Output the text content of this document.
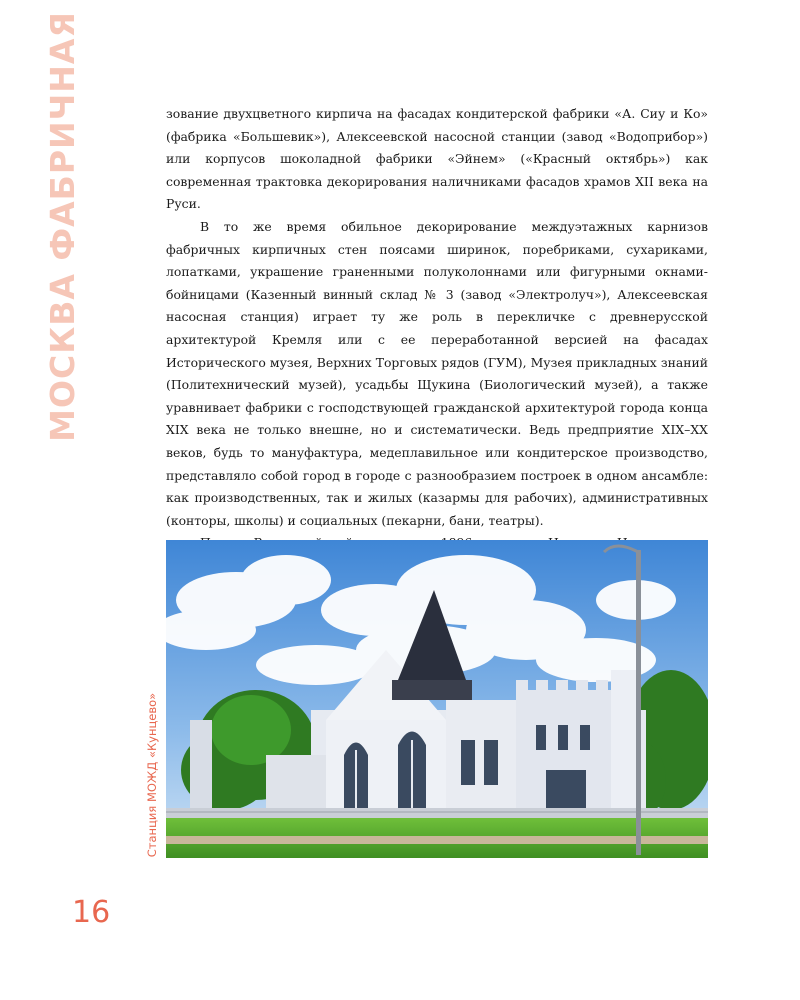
МОСКВА ФАБРИЧНАЯ	зование двухцветного кирпича на фасадах кондитерской фабрики «А. Сиу и Ко» (фабрика «Большевик»), Алексеевской насосной станции (завод «Водоприбор») или корпусов шоколадной фабрики «Эйнем» («Красный октябрь») как современная трактовка декорирования наличниками фасадов храмов XII века на Руси.

В то же время обильное декорирование междуэтажных карнизов фабричных кирпичных стен поясами ширинок, поребриками, сухариками, лопатками, украшение граненными полуколоннами или фигурными окнами-бойницами (Казенный винный склад № 3 (завод «Электролуч»), Алексеевская насосная станция) играет ту же роль в перекличке с древнерусской архитектурой Кремля или с ее переработанной версией на фасадах Исторического музея, Верхних Торговых рядов (ГУМ), Музея прикладных знаний (Политехнический музей), усадьбы Щукина (Биологический музей), а также уравнивает фабрики с господствующей гражданской архитектурой города конца XIX века не только внешне, но и систематически. Ведь предприятие XIX–XX веков, будь то мануфактура, медеплавильное или кондитерское производство, представляло собой город в городе с разнообразием построек в одном ансамбле: как производственных, так и жилых (казармы для рабочих), административных (конторы, школы) и социальных (пекарни, бани, театры).

Станция МОЖД «Кунцево»

16
